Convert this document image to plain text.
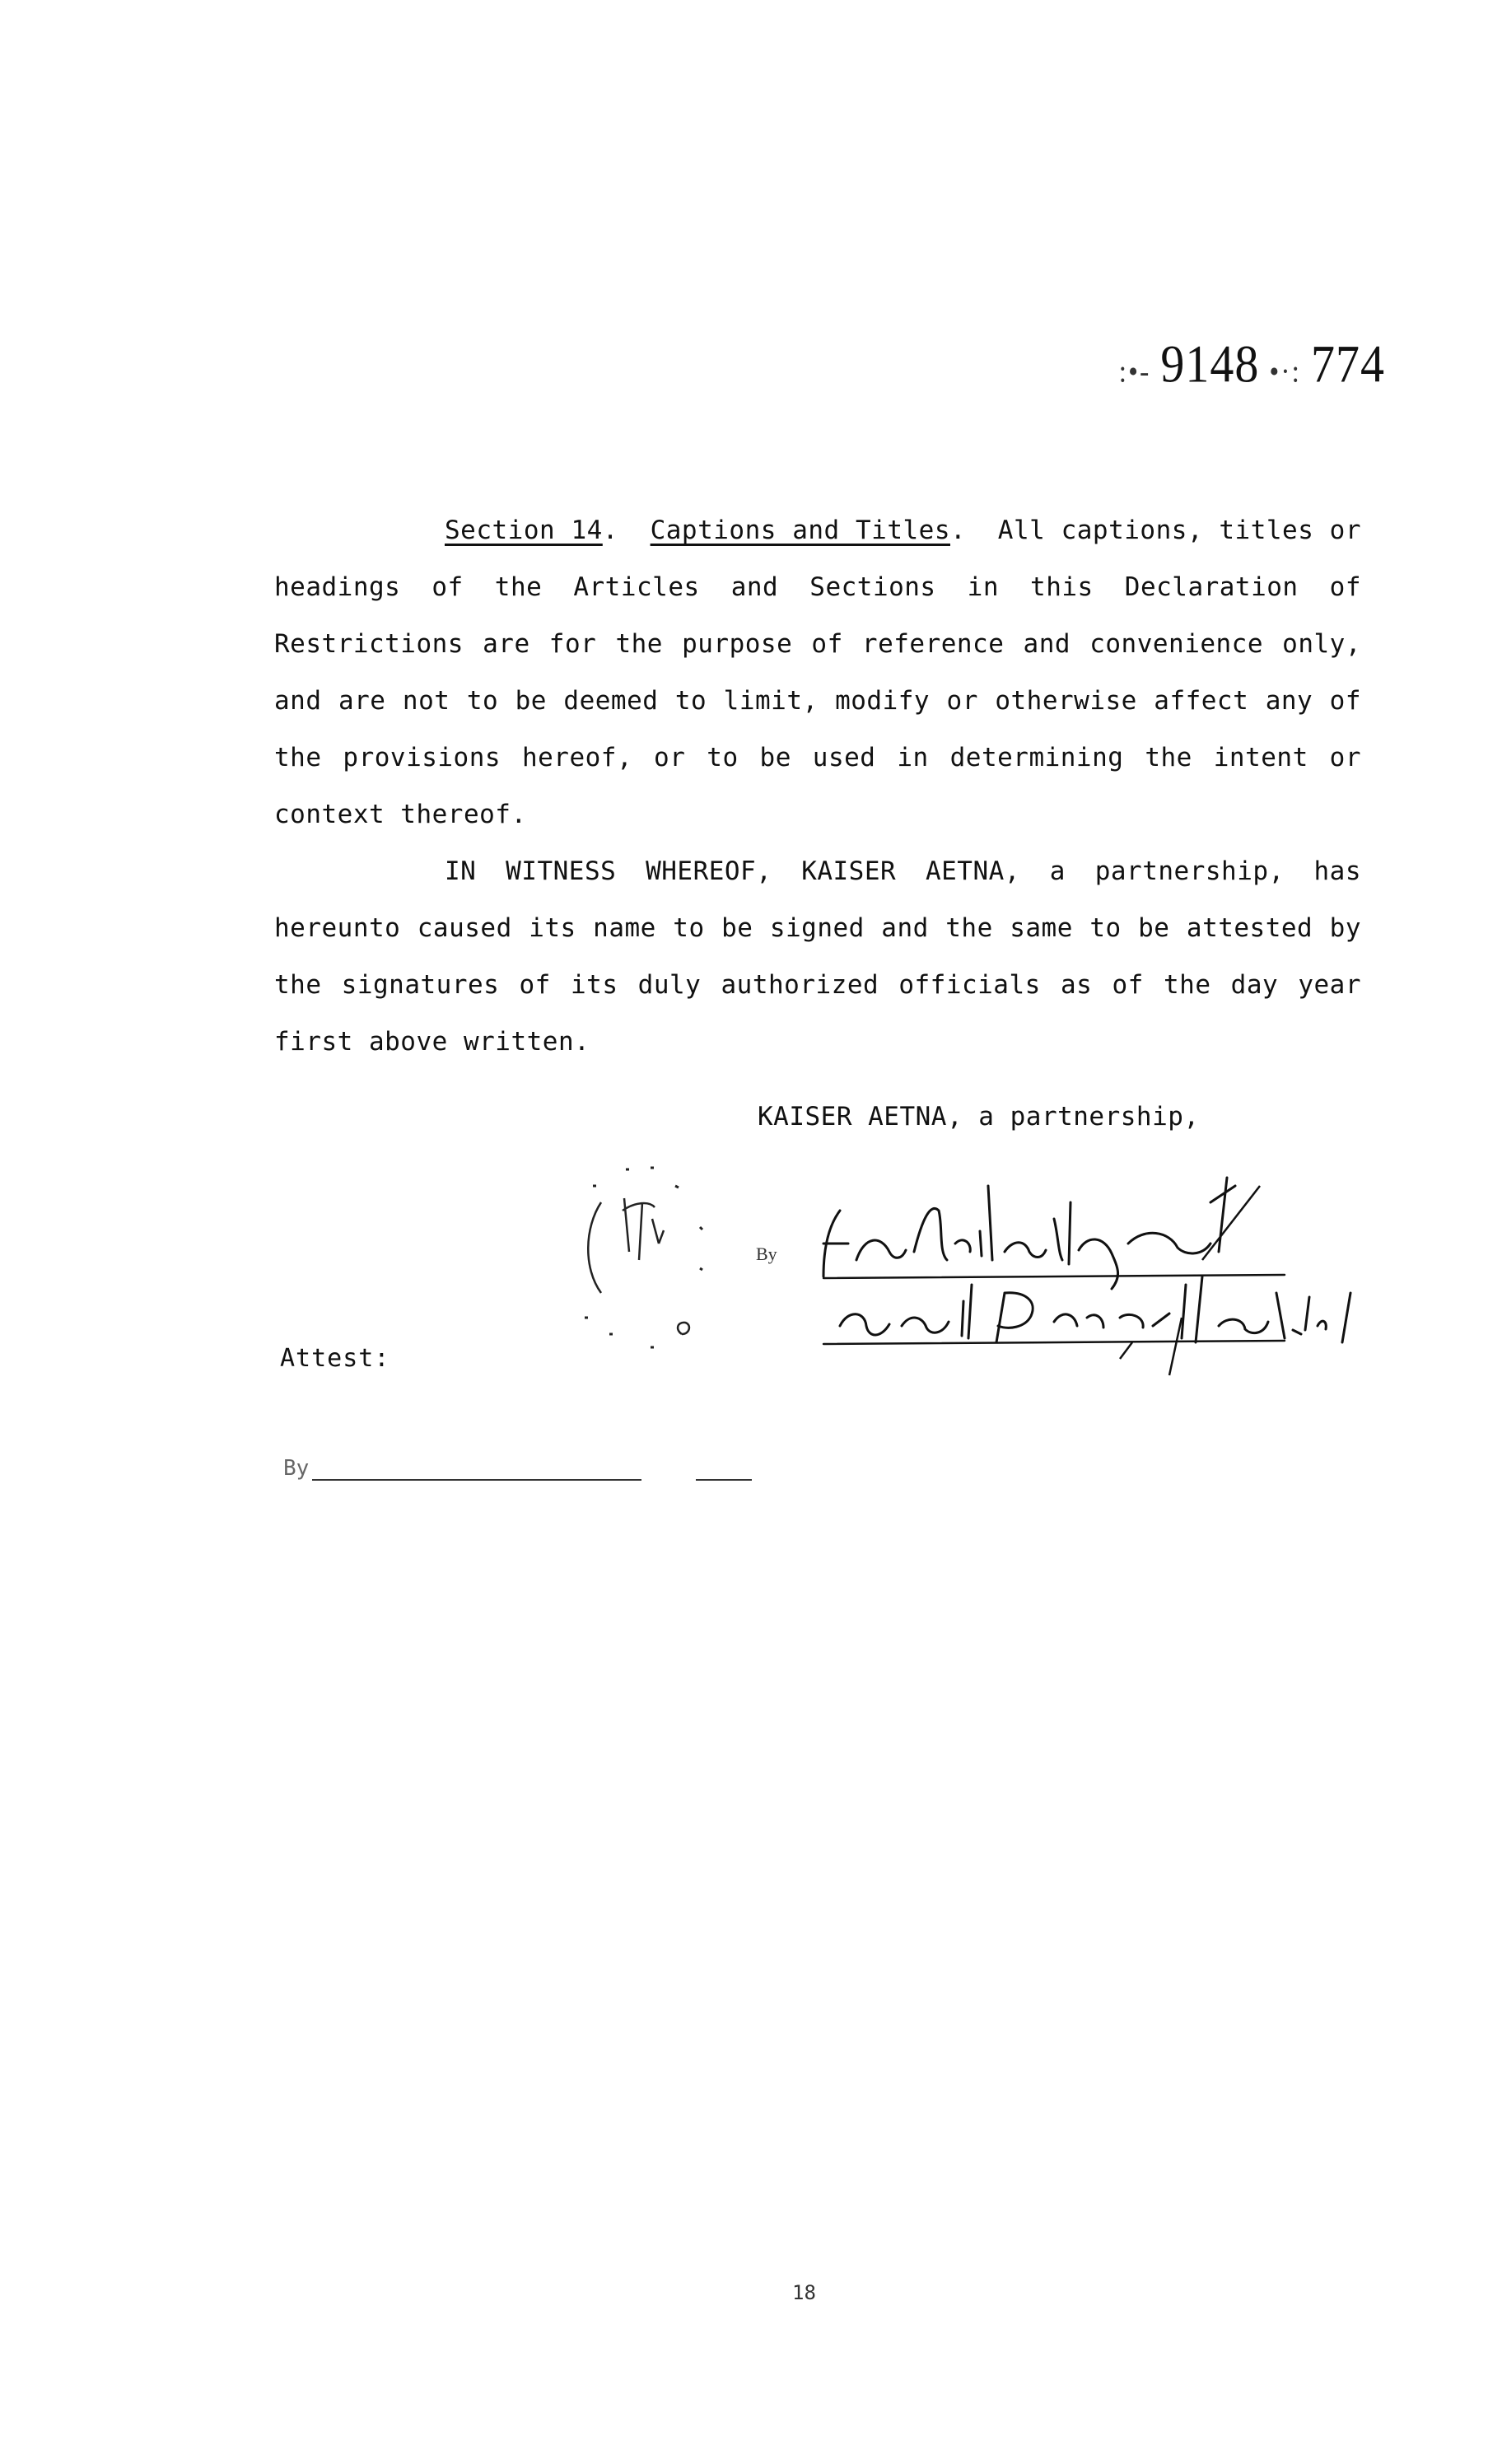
:•- 9148 •·: 774

Section 14. Captions and Titles. All captions, titles or headings of the Articles and Sections in this Declaration of Restrictions are for the purpose of reference and convenience only, and are not to be deemed to limit, modify or otherwise affect any of the provisions hereof, or to be used in determining the intent or context thereof.

IN WITNESS WHEREOF, KAISER AETNA, a partnership, has hereunto caused its name to be signed and the same to be attested by the signatures of its duly authorized officials as of the day year first above written.

KAISER AETNA, a partnership,
By
Attest:
By
18
